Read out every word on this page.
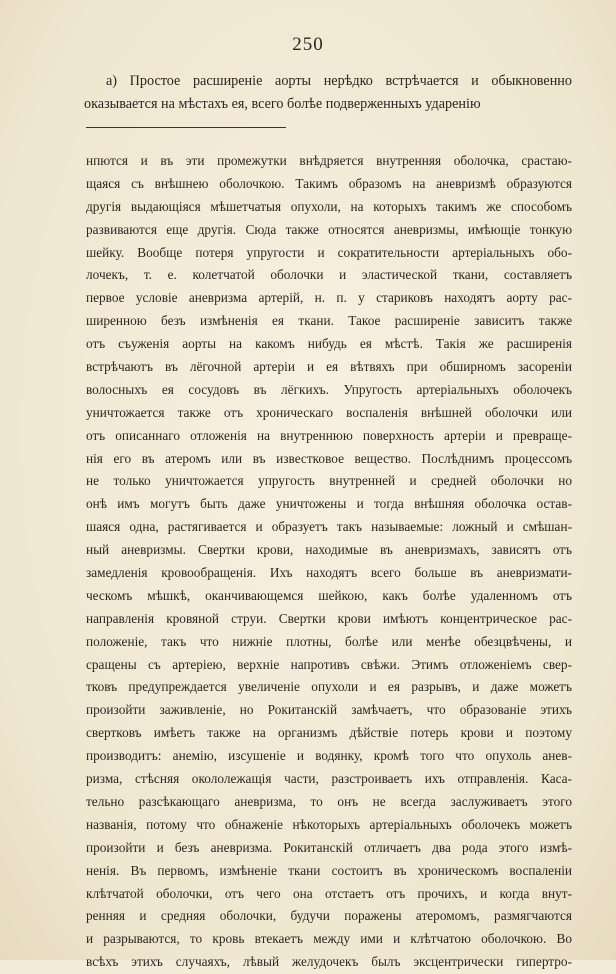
250
а) Простое расширенiе аорты нерѣдко встрѣчается и обыкновенно оказывается на мѣстахъ ея, всего болѣе подверженныхъ ударенiю
нпются и въ эти промежутки внѣдряется внутренняя оболочка, срастаю-
щаяся съ внѣшнею оболочкою. Такимъ образомъ на аневризмѣ образуются
другiя выдающiяся мѣшетчатыя опухоли, на которыхъ такимъ же способомъ
развиваются еще другiя. Сюда также относятся аневризмы, имѣющiе тонкую
шейку. Вообще потеря упругости и сократительности артерiальныхъ обо-
лочекъ, т. е. колетчатой оболочки и эластической ткани, составляетъ
первое условiе аневризма артерiй, н. п. у стариковъ находятъ аорту рас-
ширенною безъ измѣненiя ея ткани. Такое расширенiе зависитъ также
отъ съуженiя аорты на какомъ нибудь ея мѣстѣ. Такiя же расширенiя
встрѣчаютъ въ лёгочной артерiи и ея вѣтвяхъ при обширномъ засоренiи
волосныхъ ея сосудовъ въ лёгкихъ. Упругость артерiальныхъ оболочекъ
уничтожается также отъ хроническаго воспаленiя внѣшней оболочки или
отъ описаннаго отложенiя на внутреннюю поверхность артерiи и превраще-
нiя его въ атеромъ или въ известковое вещество. Послѣднимъ процессомъ
не только уничтожается упругость внутренней и средней оболочки но
онѣ имъ могутъ быть даже уничтожены и тогда внѣшняя оболочка остав-
шаяся одна, растягивается и образуетъ такъ называемые: ложный и смѣшан-
ный аневризмы. Свертки крови, находимые въ аневризмахъ, зависятъ отъ
замедленiя кровообращенiя. Ихъ находятъ всего больше въ аневризмати-
ческомъ мѣшкѣ, оканчивающемся шейкою, какъ болѣе удаленномъ отъ
направленiя кровяной струи. Свертки крови имѣютъ концентрическое рас-
положенiе, такъ что нижнiе плотны, болѣе или менѣе обезцвѣчены, и
сращены съ артерiею, верхнiе напротивъ свѣжи. Этимъ отложенiемъ свер-
тковъ предупреждается увеличенiе опухоли и ея разрывъ, и даже можетъ
произойти заживленiе, но Рокитанскiй замѣчаетъ, что образованiе этихъ
свертковъ имѣетъ также на организмъ дѣйствiе потерь крови и поэтому
производитъ: анемiю, изсушенiе и водянку, кромѣ того что опухоль анев-
ризма, стѣсняя окололежащiя части, разстроиваетъ ихъ отправленiя. Каса-
тельно разсѣкающаго аневризма, то онъ не всегда заслуживаетъ этого
названiя, потому что обнаженiе нѣкоторыхъ артерiальныхъ оболочекъ можетъ
произойти и безъ аневризма. Рокитанскiй отличаетъ два рода этого измѣ-
ненiя. Въ первомъ, измѣненiе ткани состоитъ въ хроническомъ воспаленiи
клѣтчатой оболочки, отъ чего она отстаетъ отъ прочихъ, и когда внут-
ренняя и средняя оболочки, будучи поражены атеромомъ, размягчаются
и разрываются, то кровь втекаетъ между ими и клѣтчатою оболочкою. Во
всѣхъ этихъ случаяхъ, лѣвый желудочекъ былъ эксцентрически гипертро-
